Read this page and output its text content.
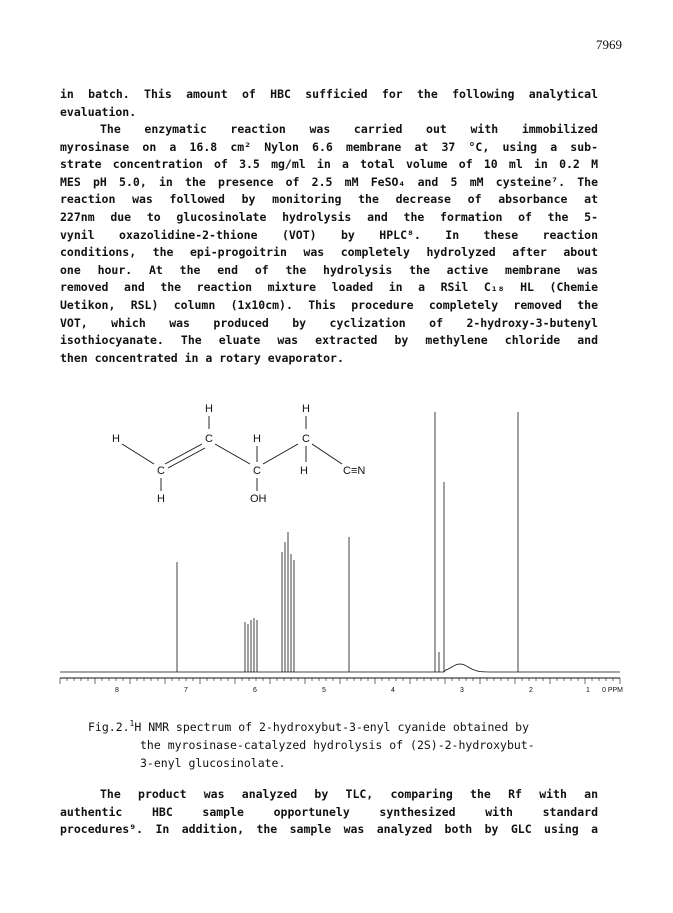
7969
in batch. This amount of HBC sufficied for the following analytical
evaluation.
The enzymatic reaction was carried out with immobilized
myrosinase on a 16.8 cm² Nylon 6.6 membrane at 37 °C, using a sub-
strate concentration of 3.5 mg/ml in a total volume of 10 ml in 0.2 M
MES pH 5.0, in the presence of 2.5 mM FeSO₄ and 5 mM cysteine⁷. The
reaction was followed by monitoring the decrease of absorbance at
227nm due to glucosinolate hydrolysis and the formation of the 5-
vynil oxazolidine-2-thione (VOT) by HPLC⁸. In these reaction
conditions, the epi-progoitrin was completely hydrolyzed after about
one hour. At the end of the hydrolysis the active membrane was
removed and the reaction mixture loaded in a RSil C₁₈ HL (Chemie
Uetikon, RSL) column (1x10cm). This procedure completely removed the
VOT, which was produced by cyclization of 2-hydroxy-3-butenyl
isothiocyanate. The eluate was extracted by methylene chloride and
then concentrated in a rotary evaporator.
H	H
H	C	H	C
C	C	H	C≡N
H	OH
8	7	6	5	4	3	2	1 0 PPM
Fig.2.$^1$H NMR spectrum of 2-hydroxybut-3-enyl cyanide obtained by
the myrosinase-catalyzed hydrolysis of (2S)-2-hydroxybut-
3-enyl glucosinolate.
The product was analyzed by TLC, comparing the Rf with an
authentic HBC sample opportunely synthesized with standard
procedures⁹. In addition, the sample was analyzed both by GLC using a
